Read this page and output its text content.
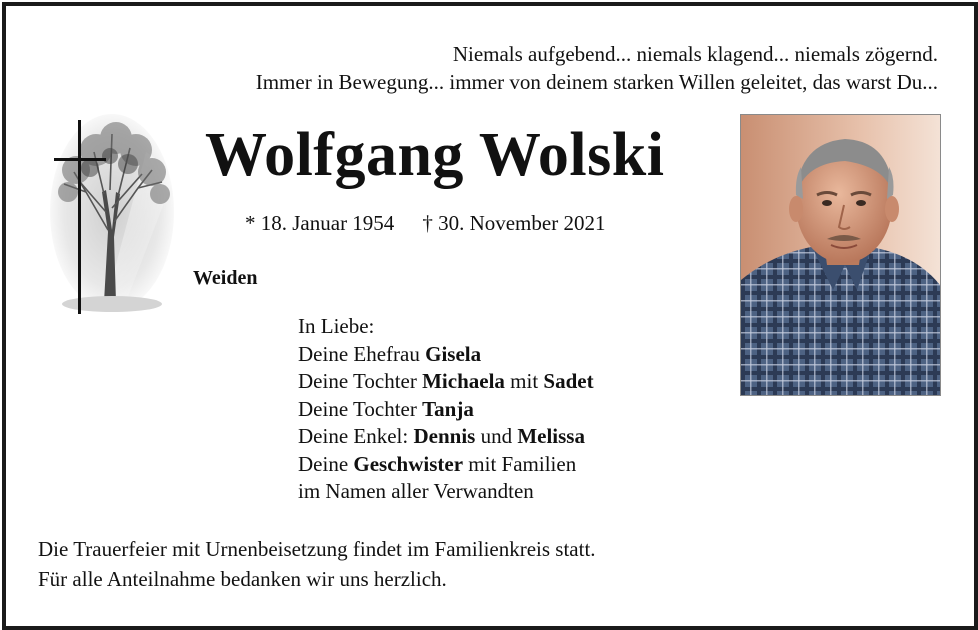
Niemals aufgebend... niemals klagend... niemals zögernd.
Immer in Bewegung... immer von deinem starken Willen geleitet, das warst Du...
Wolfgang Wolski
* 18. Januar 1954 † 30. November 2021
Weiden
In Liebe:
Deine Ehefrau Gisela
Deine Tochter Michaela mit Sadet
Deine Tochter Tanja
Deine Enkel: Dennis und Melissa
Deine Geschwister mit Familien
im Namen aller Verwandten
Die Trauerfeier mit Urnenbeisetzung findet im Familienkreis statt.
Für alle Anteilnahme bedanken wir uns herzlich.
